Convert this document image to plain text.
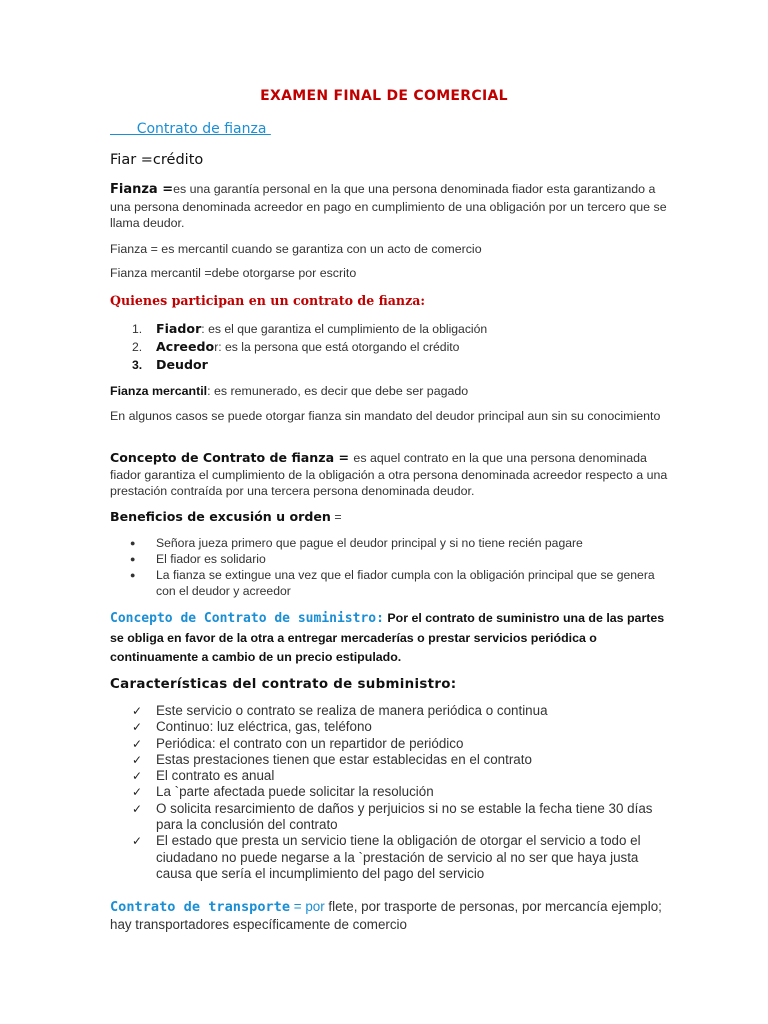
EXAMEN FINAL DE COMERCIAL
Contrato de fianza
Fiar =crédito
Fianza =es una garantía personal en la que una persona denominada fiador esta garantizando a una persona denominada acreedor en pago en cumplimiento de una obligación por un tercero que se llama deudor.
Fianza = es mercantil cuando se garantiza con un acto de comercio
Fianza mercantil =debe otorgarse por escrito
Quienes participan en un contrato de fianza:
1.	Fiador: es el que garantiza el cumplimiento de la obligación
2.	Acreedor: es la persona que está otorgando el crédito
3.	Deudor
Fianza mercantil: es remunerado, es decir que debe ser pagado
En algunos casos se puede otorgar fianza sin mandato del deudor principal aun sin su conocimiento
Concepto de Contrato de fianza = es aquel contrato en la que una persona denominada fiador garantiza el cumplimiento de la obligación a otra persona denominada acreedor respecto a una prestación contraída por una tercera persona denominada deudor.
Beneficios de excusión u orden =
● Señora jueza primero que pague el deudor principal y si no tiene recién pagare
● El fiador es solidario
● La fianza se extingue una vez que el fiador cumpla con la obligación principal que se genera con el deudor y acreedor
Concepto de Contrato de suministro: Por el contrato de suministro una de las partes se obliga en favor de la otra a entregar mercaderías o prestar servicios periódica o continuamente a cambio de un precio estipulado.
Características del contrato de subministro:
✓ Este servicio o contrato se realiza de manera periódica o continua
✓ Continuo: luz eléctrica, gas, teléfono
✓ Periódica: el contrato con un repartidor de periódico
✓ Estas prestaciones tienen que estar establecidas en el contrato
✓ El contrato es anual
✓ La `parte afectada puede solicitar la resolución
✓ O solicita resarcimiento de daños y perjuicios si no se estable la fecha tiene 30 días para la conclusión del contrato
✓ El estado que presta un servicio tiene la obligación de otorgar el servicio a todo el ciudadano no puede negarse a la `prestación de servicio al no ser que haya justa causa que sería el incumplimiento del pago del servicio
Contrato de transporte = por flete, por trasporte de personas, por mercancía ejemplo; hay transportadores específicamente de comercio
